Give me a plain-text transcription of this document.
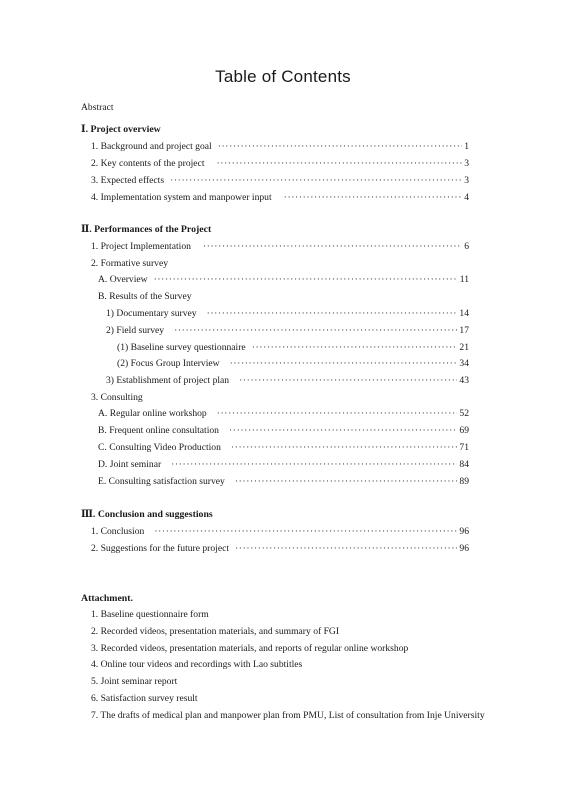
Table of Contents
Abstract
Ⅰ. Project overview
1. Background and project goal ·····	1
2. Key contents of the project ·····	3
3. Expected effects ·····	3
4. Implementation system and manpower input ·····	4
Ⅱ. Performances of the Project
1. Project Implementation ·····	6
2. Formative survey
A. Overview ·····	11
B. Results of the Survey
1) Documentary survey ·····	14
2) Field survey ·····	17
(1) Baseline survey questionnaire ·····	21
(2) Focus Group Interview ·····	34
3) Establishment of project plan ·····	43
3. Consulting
A. Regular online workshop ·····	52
B. Frequent online consultation ·····	69
C. Consulting Video Production ·····	71
D. Joint seminar ·····	84
E. Consulting satisfaction survey ·····	89
Ⅲ. Conclusion and suggestions
1. Conclusion ·····	96
2. Suggestions for the future project ·····	96
Attachment.
1. Baseline questionnaire form
2. Recorded videos, presentation materials, and summary of FGI
3. Recorded videos, presentation materials, and reports of regular online workshop
4. Online tour videos and recordings with Lao subtitles
5. Joint seminar report
6. Satisfaction survey result
7. The drafts of medical plan and manpower plan from PMU, List of consultation from Inje University
